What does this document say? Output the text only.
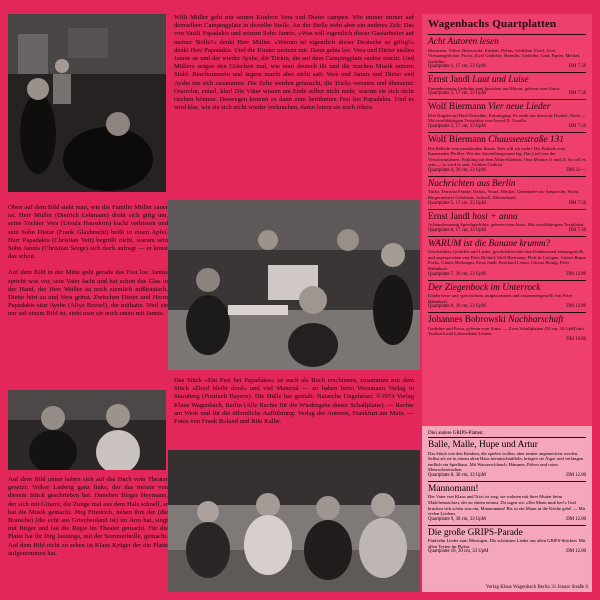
Willi Müller geht mit seinen Kindern Vera und Dieter campen. Wie immer immer auf demselben Campingplatz in derselbe Stelle. An der Stelle steht aber ein anderes Zelt: Das von Vasili Papadakis und seinem Sohn Jannis. »Was will eigentlich dieser Gastarbeiter auf meiner Stelle?« denkt Herr Müller. »Warum ist eigentlich dieser Deutsche so giftig?« denkt Herr Papadakis. Und die Kinder motzen mit. Dann gehts los: Vera und Dieter stellen Jannis an und der wieder Ayshe, die Türkin, die auf dem Campingplatz sauber macht. Und Müllers zeigen den Griechen mal, wie man deutsch ißt und die machen Musik unterm Stuhl. Beschummeln und ärgern macht aber nicht satt: Vera und Jannis und Dieter und Ayshe tun sich zusammen. Die Zelte werden getauscht, die Tricks verraten und übersetzt: Ouorolur, entarl, klar! Die Väter wissen am Ende selber nicht mehr, warum sie sich nicht riechen können. Deswegen kommt es dann zum berühmten Fest bei Papadakis. Und es wird klar, wie sie sich nicht wieder verkrachen, damn leiern sie noch öfters.

Oben auf dem Bild sieht man, wie die Familie Müller sauer ist. Herr Müller (Dietrich Lehmann) droht sich gifig um, seine Tochter Vera (Ursula Hausdorn) kuckt verbissen und sein Sohn Dieter (Frank Glaubrecht) beißt in einen Apfel. Herr Papadakis (Christian Veit) begrüßt nicht, warum sein Sohn Jannis (Christian Sorge) sich doch aufregt — er konst das schon.

Auf dem Bild in der Mitte geht gerade das Fest los: Jannis spricht was vor, sein Vater lacht und hat schon das Glas in der Hand, der Herr Müller ist noch ziemlich mißtrauisch, Dieter hört zu und Vera grinst. Zwischen Dieter und Herrn Papadakis sitzt Ayshe (Aliye Bozsel), die mithatte. Weil sie nur auf einem Bild ist, sieht man sie noch unten mit Jannis.

Das Stück »Ein Fest bei Papadakis« ist auch als Buch erschienen, zusammen mit dem Stück »Doof bleibt doof« und viel Material — zu haben beim Weismann Verlag in Starnberg (Postfach Bayern). Die Hülle hat gemalt: Natascha Ungeheuer. ©1974 Verlag Klaus Wagenbach, Berlin (Alle Rechte für die Wiedergabe dieser Schallplatte). — Rechte am Werk und für die öffentliche Aufführung: Verlag der Autoren, Frankfurt am Main. — Fotos von Frank Roland und Riki Kalbe.

Auf dem Bild unten haben sich auf das Dach vom Theater gesetzt: Volker Ludwig ganz links, der das meiste von diesem Stück geschrieben hat. Daneben Birger Heymann, der sich mit Gitarre, die Zunge mal aus dem Hals schnell, er hat die Musik gemacht. Jörg Friedrich, neben ihm der (die Bratsche) (die echt aus Griechenland ist) im Arm hat, singt mit Birger und hat die Regie im Theater gemacht. Für die Platte hat ihr Jörg Jannings, mit der Sommerbrille, gemacht. Auf dem Bild nicht zu sehen ist Klaus Krüger der die Platte aufgenommen hat.

Wagenbachs Quartplatten
Acht Autoren lesen
Biermann, Villon, Bobrowski, Kästner, Delius, Gedichte. Fried, Zwei Vietnamgedichte, Fuchs, Zwei Gedichte. Hermlin, Gedichte, Lind, Papier, Meckel, Gedichte.
Quartplatte 1, 17 cm, 33 UpM	DM 7.50
Ernst Jandl Laut und Luise
Einundzwanzig Gedichte zum Sprechen und Hören, gelesen vom Autor.
Quartplatte 2, 17 cm, 33 UpM	DM 7.50
Wolf Biermann Vier neue Lieder
Drei Kugeln auf Budi Dutschke. Ermutigung. Es senkt das deutsche Dunkel. Noch — Mit zweiblättrigem Textplakat von Arwed D. Gorella.
Quartplatte 3, 17 cm, 33 UpM	DM 7.50
Wolf Biermann Chausseestraße 131
Die Ballade vom preußischen Ikarus. Was will ich mehr? Die Ballade vom Kameraden Pfeiffer. Wie der Ausstellungsraum lag. Das Lied von der Verschwundenen. Frühling auf dem Mont-Klamott. Oma Meume (1 und 2). So soll es sein — so wird es sein. Größtes Gedicht.
Quartplatte 4, 30 cm, 33 UpM	DM 22.—
Nachrichten aus Berlin
Türke, Terrorist Franke, Delius, Vosan, Meckel, Gemeinde-rats-Anspreche, Fuchs, Bürgermeister Gelobisne, Schnell, Zährentband.
Quartplatte 5, 17 cm, 33 UpM	DM 7.50
Ernst Jandl hosi + anna
Achtundzwanzig Sprechgedichte, gelesen vom Autor. Mit zweiblättrigem Textplakat.
Quartplatte 6, 17 cm, 33 UpM	DM 7.50
WARUM ist die Banane krumm?
Geschichten, Gedichte und Lieder, geschrieben oder den Kinderreund zeitausgestellt und angesprochen von Peter Bichsel, Wolf Biermann, Ploß de Cologne, Günter Bruno Fuchs, Günter Herburger, Ernst Jandl, Reinhard Lettau, Christa Reinig, Peter Rühmkorf.
Quartplatte 7, 30 cm, 33 UpM	DM 12.80
Der Ziegenbock im Unterrock
Kinderverse und -geschichten, aufgenommen und zusammengestellt von Peter Rühmkorf.
Quartplatte 8, 30 cm, 33 UpM	DM 12.80
Johannes Bobrowski Nachbarschaft
Gedichte und Prosa, gelesen vom Autor. — Zwei Schallplatten (30 cm, 33 UpM) mit Textbuch und Lebensdaten Leinen.
DM 19.80
Drei andere GRIPS-Platten:
Balle, Malle, Hupe und Artur
Das Stück von den Kindern, die spielen wollen, aber immer angemeckert werden. Selbst als sie in einem alten Haus herumschnüffeln, kriegen sie Ärger und verlangen endlich ein Spielhaus. Mit Wasserschlauch, Hämmer, Pülver und roten Meerschweinchen.
Quartplatte 8, 30 cm, 33 UpM	DM 12.80
Mannomann!
Der Vater von Klaus und Trixi ist weg, sie wohnen mit ihrer Mutter beim Mädchennachser, der zu einem nennst. Da sagen sie: »Ein Mann muß her!« Und brucken sich schön was ein, Mannomann! Bis so ein Mann in die Küche geht! — Mit vielen Liedern.
Quartplatte 9, 30 cm, 33 UpM	DM 12.80
Die große GRIPS-Parade
Fünfzehn Lieder zum Mitsingen. Die schönsten Lieder aus allen GRIPS-Stücken. Mit allen Texten im Plakat.
Quartplatte 10, 30 cm, 33 UpM	DM 12.80
Verlag Klaus Wagenbach Berlin 31 Jenaer Straße 6
